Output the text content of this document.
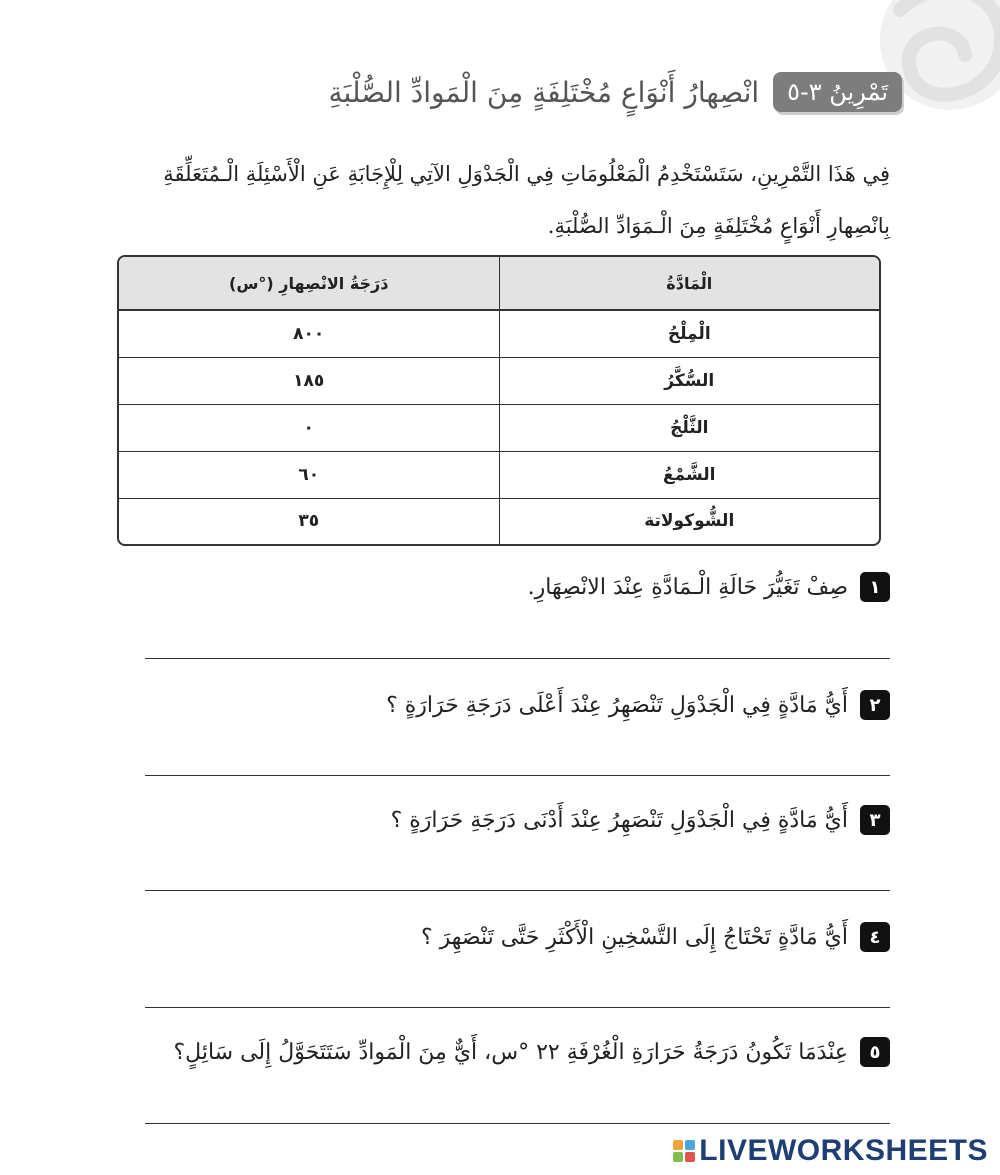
تَمْرِينُ ٣-٥
انْصِهارُ أَنْوَاعٍ مُخْتَلِفَةٍ مِنَ الْمَوادِّ الصُّلْبَةِ
فِي هَذَا التَّمْرِينِ، سَتَسْتَخْدِمُ الْمَعْلُومَاتِ فِي الْجَدْوَلِ الآتِي لِلْإِجَابَةِ عَنِ الْأَسْئِلَةِ الْـمُتَعَلِّقَةِ بِانْصِهارِ أَنْوَاعٍ مُخْتَلِفَةٍ مِنَ الْـمَوَادِّ الصُّلْبَةِ.
الْمَادَّةُ	دَرَجَةُ الانْصِهارِ (°س)
الْمِلْحُ	٨٠٠
السُّكَّرُ	١٨٥
الثَّلْجُ	٠
الشَّمْعُ	٦٠
الشُّوكولاتة	٣٥
١
صِفْ تَغَيُّرَ حَالَةِ الْـمَادَّةِ عِنْدَ الانْصِهَارِ.
٢
أَيُّ مَادَّةٍ فِي الْجَدْوَلِ تَنْصَهِرُ عِنْدَ أَعْلَى دَرَجَةِ حَرَارَةٍ ؟
٣
أَيُّ مَادَّةٍ فِي الْجَدْوَلِ تَنْصَهِرُ عِنْدَ أَدْنَى دَرَجَةِ حَرَارَةٍ ؟
٤
أَيُّ مَادَّةٍ تَحْتَاجُ إِلَى التَّسْخِينِ الْأَكْثَرِ حَتَّى تَنْصَهِرَ ؟
٥
عِنْدَمَا تَكُونُ دَرَجَةُ حَرَارَةِ الْغُرْفَةِ ٢٢ °س، أَيٌّ مِنَ الْمَوادِّ سَتَتَحَوَّلُ إِلَى سَائِلٍ؟
LIVEWORKSHEETS
